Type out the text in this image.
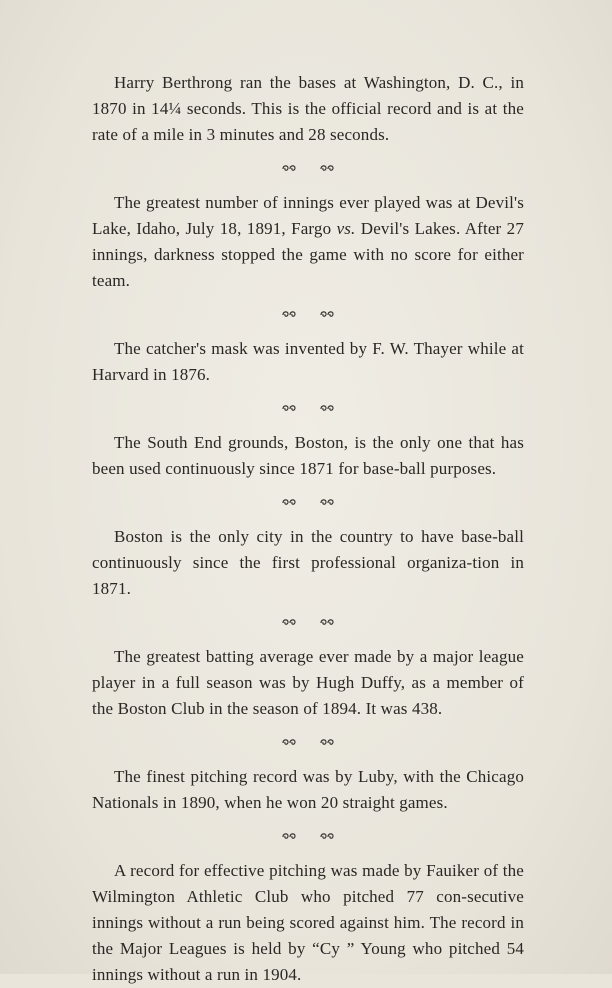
Harry Berthrong ran the bases at Washington, D. C., in 1870 in 14¼ seconds. This is the official record and is at the rate of a mile in 3 minutes and 28 seconds.

The greatest number of innings ever played was at Devil's Lake, Idaho, July 18, 1891, Fargo vs. Devil's Lakes. After 27 innings, darkness stopped the game with no score for either team.

The catcher's mask was invented by F. W. Thayer while at Harvard in 1876.

The South End grounds, Boston, is the only one that has been used continuously since 1871 for base-ball purposes.

Boston is the only city in the country to have base-ball continuously since the first professional organiza-tion in 1871.

The greatest batting average ever made by a major league player in a full season was by Hugh Duffy, as a member of the Boston Club in the season of 1894. It was 438.

The finest pitching record was by Luby, with the Chicago Nationals in 1890, when he won 20 straight games.

A record for effective pitching was made by Fauiker of the Wilmington Athletic Club who pitched 77 con-secutive innings without a run being scored against him. The record in the Major Leagues is held by “Cy ” Young who pitched 54 innings without a run in 1904.
